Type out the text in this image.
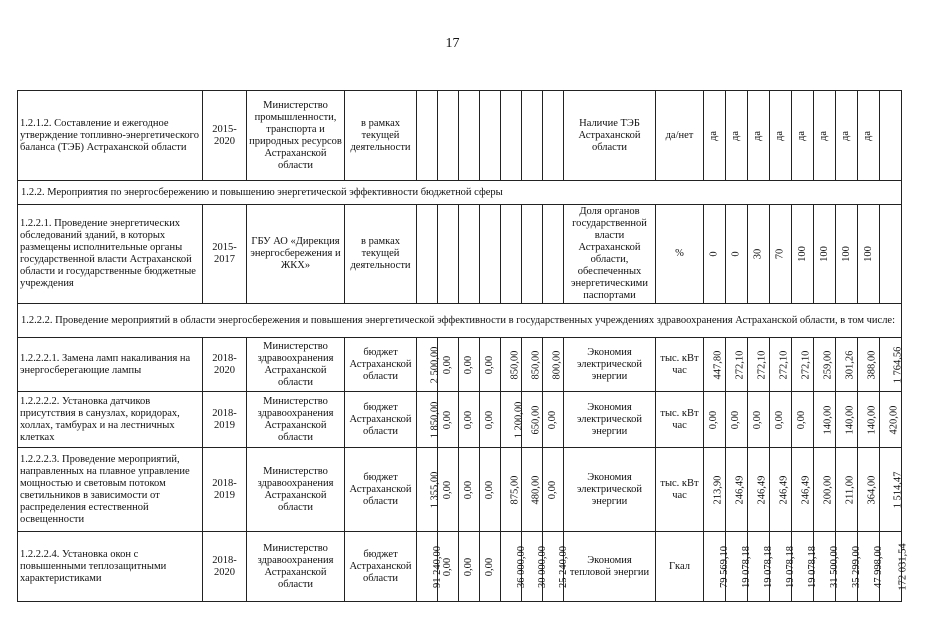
17
1.2.1.2. Составление и ежегодное утверждение топливно-энергетического баланса (ТЭБ) Астраханской области	2015-2020	Министерство промышленности, транспорта и природных ресурсов Астраханской области	в рамках текущей деятельности								Наличие ТЭБ Астраханской области	да/нет	да	да	да	да	да	да	да	да	
1.2.2. Мероприятия по энергосбережению и повышению энергетической эффективности бюджетной сферы																					
1.2.2.1. Проведение энергетических обследований зданий, в которых размещены исполнительные органы государственной власти Астраханской области и государственные бюджетные учреждения	2015-2017	ГБУ АО «Дирекция энергосбережения и ЖКХ»	в рамках текущей деятельности								Доля органов государственной власти Астраханской области, обеспеченных энергетическими паспортами	%	0	0	30	70	100	100	100	100	
1.2.2.2. Проведение мероприятий в области энергосбережения и повышения энергетической эффективности в государственных учреждениях здравоохранения Астраханской области, в том числе:																					
1.2.2.2.1. Замена ламп накаливания на энергосберегающие лампы	2018-2020	Министерство здравоохранения Астраханской области	бюджет Астраханской области	2 500,00	0,00	0,00	0,00	850,00	850,00	800,00	Экономия электрической энергии	тыс. кВт час	447,80	272,10	272,10	272,10	272,10	259,00	301,26	388,00	1 764,56
1.2.2.2.2. Установка датчиков присутствия в санузлах, коридорах, холлах, тамбурах и на лестничных клетках	2018-2019	Министерство здравоохранения Астраханской области	бюджет Астраханской области	1 850,00	0,00	0,00	0,00	1 200,00	650,00	0,00	Экономия электрической энергии	тыс. кВт час	0,00	0,00	0,00	0,00	0,00	140,00	140,00	140,00	420,00
1.2.2.2.3. Проведение мероприятий, направленных на плавное управление мощностью и световым потоком светильников в зависимости от распределения естественной освещенности	2018-2019	Министерство здравоохранения Астраханской области	бюджет Астраханской области	1 355,00	0,00	0,00	0,00	875,00	480,00	0,00	Экономия электрической энергии	тыс. кВт час	213,90	246,49	246,49	246,49	246,49	200,00	211,00	364,00	1 514,47
1.2.2.2.4. Установка окон с повышенными теплозащитными характеристиками	2018-2020	Министерство здравоохранения Астраханской области	бюджет Астраханской области	91 240,00	0,00	0,00	0,00	36 000,00	30 000,00	25 240,00	Экономия тепловой энергии	Гкал	79 569,10	19 078,18	19 078,18	19 078,18	19 078,18	31 500,00	35 299,00	47 998,00	172 031,54
